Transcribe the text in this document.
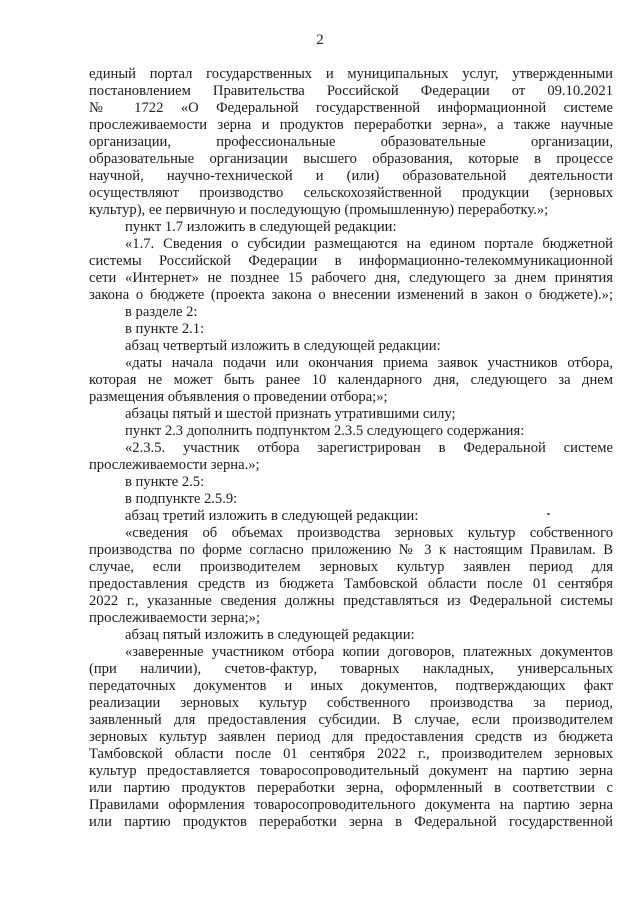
2
единый портал государственных и муниципальных услуг, утвержденными
постановлением Правительства Российской Федерации от 09.10.2021
№ 1722 «О Федеральной государственной информационной системе
прослеживаемости зерна и продуктов переработки зерна», а также научные
организации, профессиональные образовательные организации,
образовательные организации высшего образования, которые в процессе
научной, научно-технической и (или) образовательной деятельности
осуществляют производство сельскохозяйственной продукции (зерновых
культур), ее первичную и последующую (промышленную) переработку.»;
пункт 1.7 изложить в следующей редакции:
«1.7. Сведения о субсидии размещаются на едином портале бюджетной
системы Российской Федерации в информационно-телекоммуникационной
сети «Интернет» не позднее 15 рабочего дня, следующего за днем принятия
закона о бюджете (проекта закона о внесении изменений в закон о бюджете).»;
в разделе 2:
в пункте 2.1:
абзац четвертый изложить в следующей редакции:
«даты начала подачи или окончания приема заявок участников отбора,
которая не может быть ранее 10 календарного дня, следующего за днем
размещения объявления о проведении отбора;»;
абзацы пятый и шестой признать утратившими силу;
пункт 2.3 дополнить подпунктом 2.3.5 следующего содержания:
«2.3.5. участник отбора зарегистрирован в Федеральной системе
прослеживаемости зерна.»;
в пункте 2.5:
в подпункте 2.5.9:
абзац третий изложить в следующей редакции:
«сведения об объемах производства зерновых культур собственного
производства по форме согласно приложению № 3 к настоящим Правилам. В
случае, если производителем зерновых культур заявлен период для
предоставления средств из бюджета Тамбовской области после 01 сентября
2022 г., указанные сведения должны представляться из Федеральной системы
прослеживаемости зерна;»;
абзац пятый изложить в следующей редакции:
«заверенные участником отбора копии договоров, платежных документов
(при наличии), счетов-фактур, товарных накладных, универсальных
передаточных документов и иных документов, подтверждающих факт
реализации зерновых культур собственного производства за период,
заявленный для предоставления субсидии. В случае, если производителем
зерновых культур заявлен период для предоставления средств из бюджета
Тамбовской области после 01 сентября 2022 г., производителем зерновых
культур предоставляется товаросопроводительный документ на партию зерна
или партию продуктов переработки зерна, оформленный в соответствии с
Правилами оформления товаросопроводительного документа на партию зерна
или партию продуктов переработки зерна в Федеральной государственной
